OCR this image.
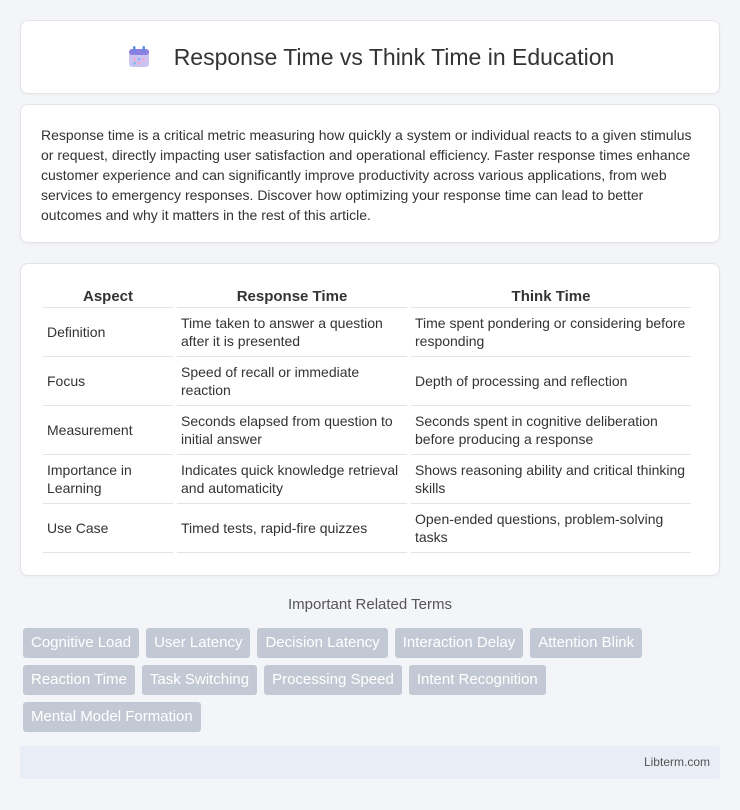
Response Time vs Think Time in Education

Response time is a critical metric measuring how quickly a system or individual reacts to a given stimulus or request, directly impacting user satisfaction and operational efficiency. Faster response times enhance customer experience and can significantly improve productivity across various applications, from web services to emergency responses. Discover how optimizing your response time can lead to better outcomes and why it matters in the rest of this article.

Aspect	Response Time	Think Time
Definition	Time taken to answer a question after it is presented	Time spent pondering or considering before responding
Focus	Speed of recall or immediate reaction	Depth of processing and reflection
Measurement	Seconds elapsed from question to initial answer	Seconds spent in cognitive deliberation before producing a response
Importance in Learning	Indicates quick knowledge retrieval and automaticity	Shows reasoning ability and critical thinking skills
Use Case	Timed tests, rapid-fire quizzes	Open-ended questions, problem-solving tasks
Important Related Terms
Cognitive Load	User Latency	Decision Latency	Interaction Delay	Attention Blink
Reaction Time	Task Switching	Processing Speed	Intent Recognition
Mental Model Formation
Libterm.com
